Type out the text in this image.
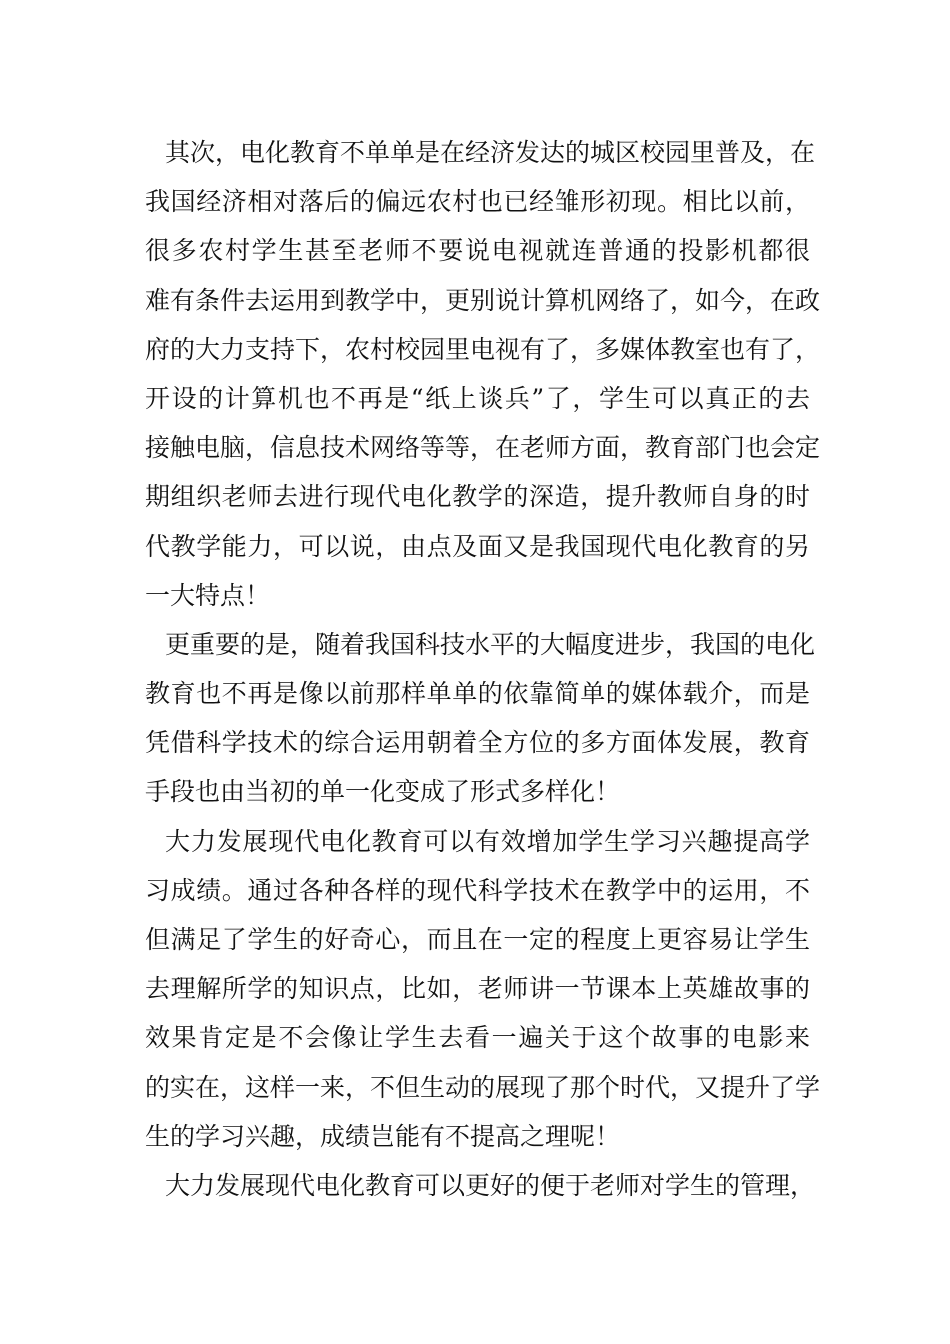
其次，电化教育不单单是在经济发达的城区校园里普及，在
我国经济相对落后的偏远农村也已经雏形初现。相比以前，
很多农村学生甚至老师不要说电视就连普通的投影机都很
难有条件去运用到教学中，更别说计算机网络了，如今，在政
府的大力支持下，农村校园里电视有了，多媒体教室也有了，
开设的计算机也不再是“纸上谈兵”了，学生可以真正的去
接触电脑，信息技术网络等等，在老师方面，教育部门也会定
期组织老师去进行现代电化教学的深造，提升教师自身的时
代教学能力，可以说，由点及面又是我国现代电化教育的另
一大特点！
更重要的是，随着我国科技水平的大幅度进步，我国的电化
教育也不再是像以前那样单单的依靠简单的媒体载介，而是
凭借科学技术的综合运用朝着全方位的多方面体发展，教育
手段也由当初的单一化变成了形式多样化！
大力发展现代电化教育可以有效增加学生学习兴趣提高学
习成绩。通过各种各样的现代科学技术在教学中的运用，不
但满足了学生的好奇心，而且在一定的程度上更容易让学生
去理解所学的知识点，比如，老师讲一节课本上英雄故事的
效果肯定是不会像让学生去看一遍关于这个故事的电影来
的实在，这样一来，不但生动的展现了那个时代，又提升了学
生的学习兴趣，成绩岂能有不提高之理呢！
大力发展现代电化教育可以更好的便于老师对学生的管理，
